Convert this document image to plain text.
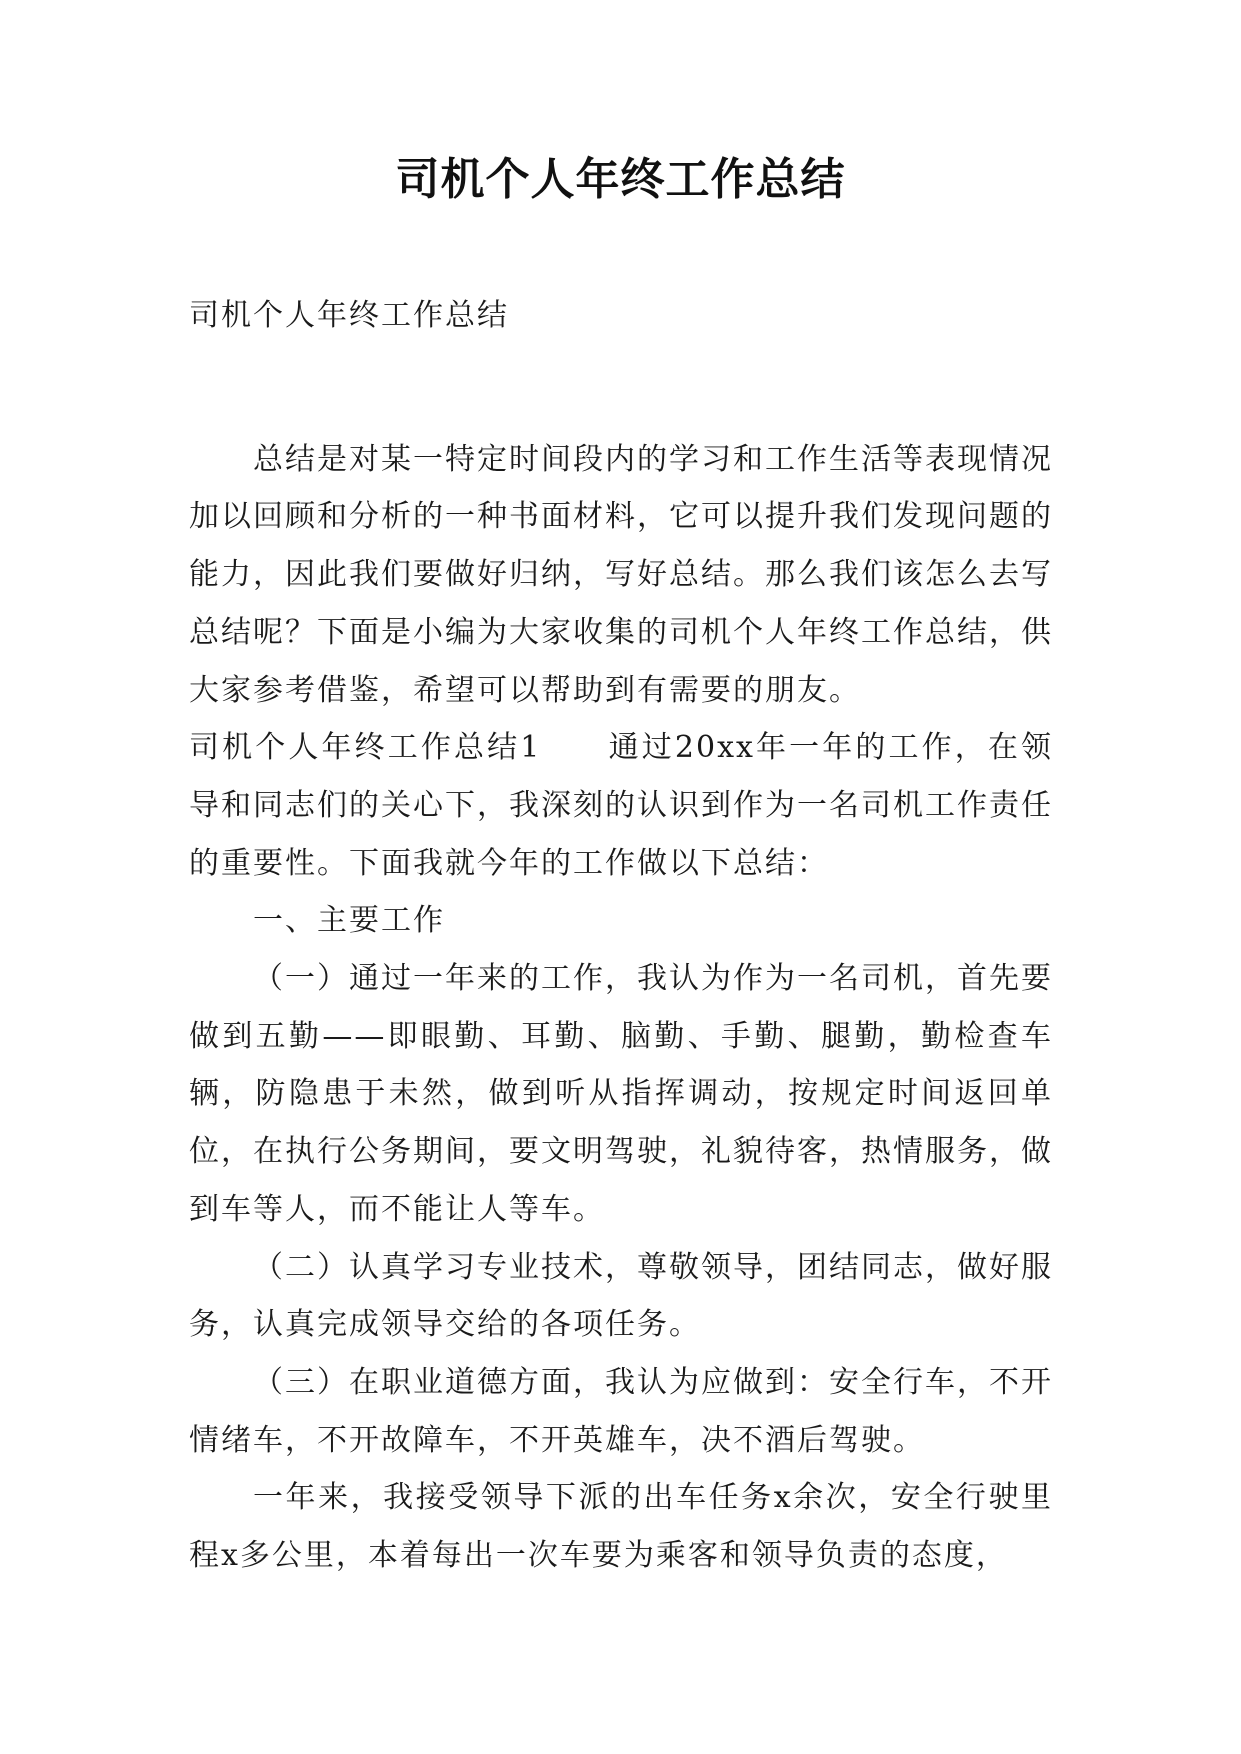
司机个人年终工作总结

司机个人年终工作总结

总结是对某一特定时间段内的学习和工作生活等表现情况加以回顾和分析的一种书面材料，它可以提升我们发现问题的能力，因此我们要做好归纳，写好总结。那么我们该怎么去写总结呢？下面是小编为大家收集的司机个人年终工作总结，供大家参考借鉴，希望可以帮助到有需要的朋友。

司机个人年终工作总结1　　通过20xx年一年的工作，在领导和同志们的关心下，我深刻的认识到作为一名司机工作责任的重要性。下面我就今年的工作做以下总结：

一、主要工作

（一）通过一年来的工作，我认为作为一名司机，首先要做到五勤——即眼勤、耳勤、脑勤、手勤、腿勤，勤检查车辆，防隐患于未然，做到听从指挥调动，按规定时间返回单位，在执行公务期间，要文明驾驶，礼貌待客，热情服务，做到车等人，而不能让人等车。

（二）认真学习专业技术，尊敬领导，团结同志，做好服务，认真完成领导交给的各项任务。

（三）在职业道德方面，我认为应做到：安全行车，不开情绪车，不开故障车，不开英雄车，决不酒后驾驶。

一年来，我接受领导下派的出车任务x余次，安全行驶里程x多公里，本着每出一次车要为乘客和领导负责的态度，
